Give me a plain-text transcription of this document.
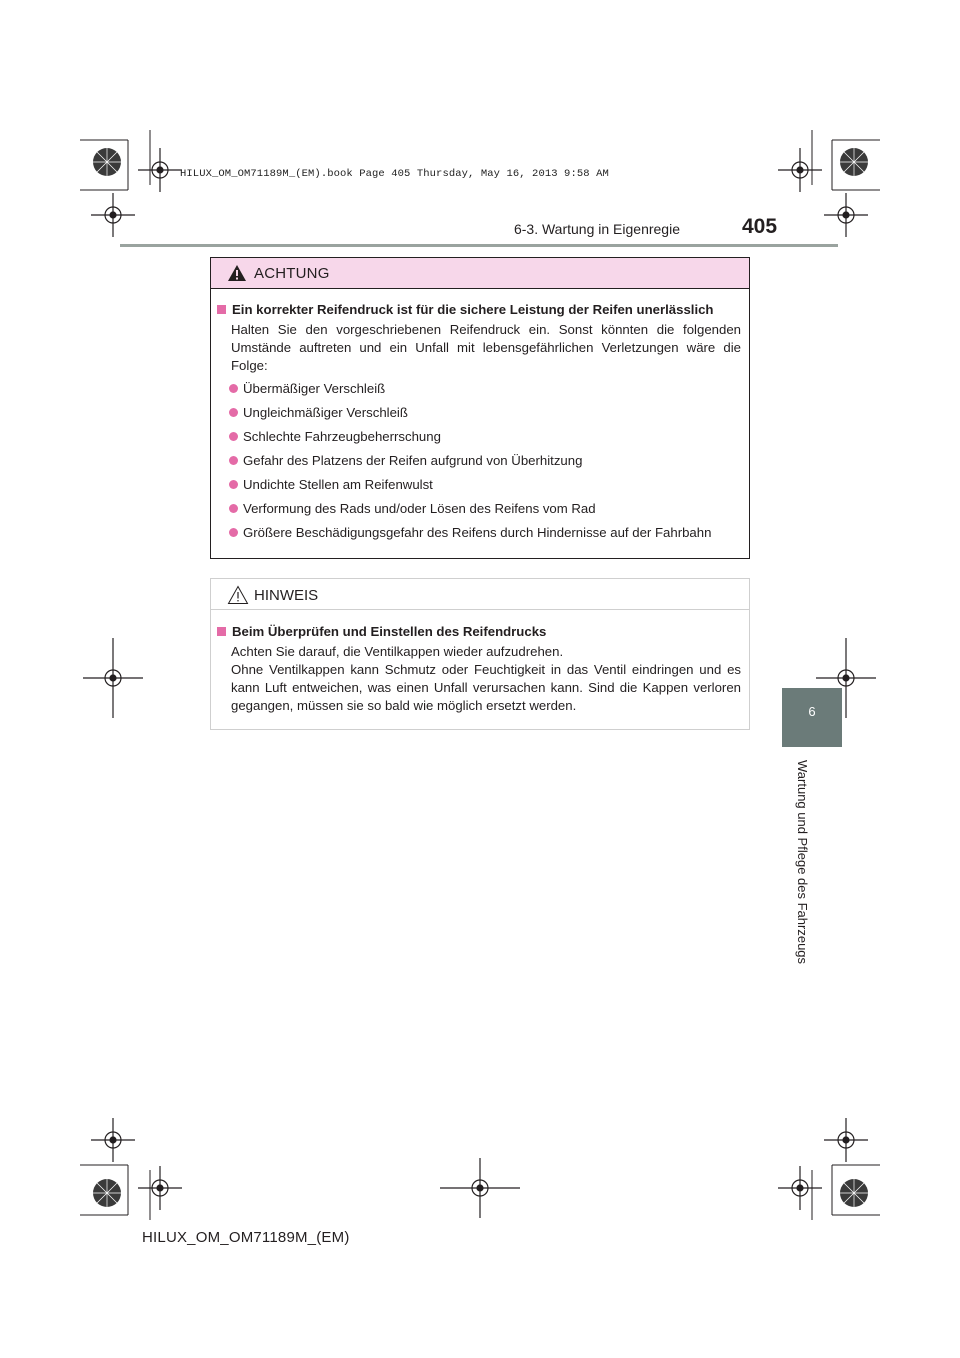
HILUX_OM_OM71189M_(EM).book Page 405 Thursday, May 16, 2013 9:58 AM
6-3. Wartung in Eigenregie	405
6
Wartung und Pflege des Fahrzeugs
ACHTUNG
Ein korrekter Reifendruck ist für die sichere Leistung der Reifen unerlässlich
Halten Sie den vorgeschriebenen Reifendruck ein. Sonst könnten die folgenden Umstände auftreten und ein Unfall mit lebensgefährlichen Verletzungen wäre die Folge:
Übermäßiger Verschleiß
Ungleichmäßiger Verschleiß
Schlechte Fahrzeugbeherrschung
Gefahr des Platzens der Reifen aufgrund von Überhitzung
Undichte Stellen am Reifenwulst
Verformung des Rads und/oder Lösen des Reifens vom Rad
Größere Beschädigungsgefahr des Reifens durch Hindernisse auf der Fahrbahn
HINWEIS
Beim Überprüfen und Einstellen des Reifendrucks
Achten Sie darauf, die Ventilkappen wieder aufzudrehen.
Ohne Ventilkappen kann Schmutz oder Feuchtigkeit in das Ventil eindringen und es kann Luft entweichen, was einen Unfall verursachen kann. Sind die Kappen verloren gegangen, müssen sie so bald wie möglich ersetzt werden.
HILUX_OM_OM71189M_(EM)
